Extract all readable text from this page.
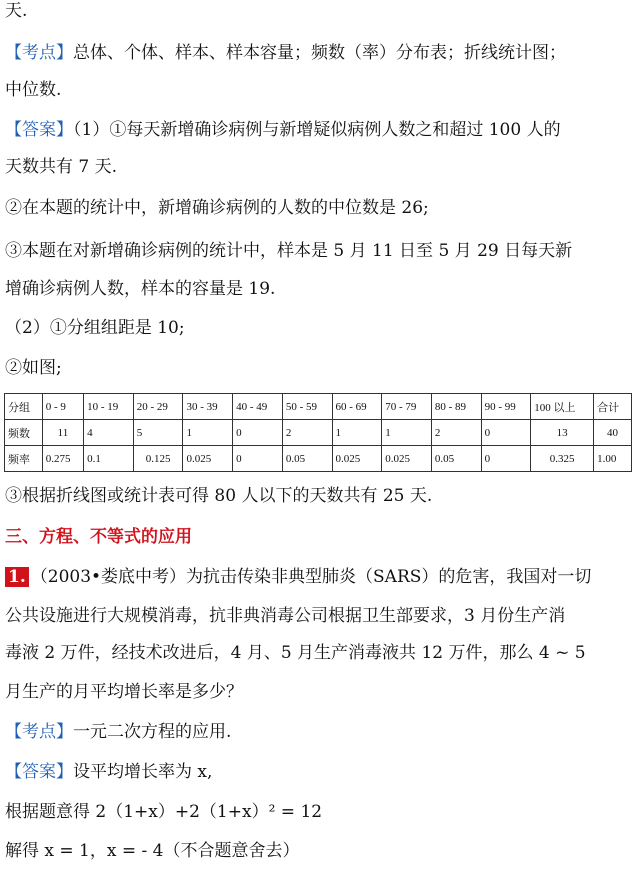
天.
【考点】总体、个体、样本、样本容量；频数（率）分布表；折线统计图；
中位数.
【答案】（1）①每天新增确诊病例与新增疑似病例人数之和超过 100 人的
天数共有 7 天.
②在本题的统计中，新增确诊病例的人数的中位数是 26;
③本题在对新增确诊病例的统计中，样本是 5 月 11 日至 5 月 29 日每天新
增确诊病例人数，样本的容量是 19.
（2）①分组组距是 10;
②如图;
分组	0 - 9	10 - 19	20 - 29	30 - 39	40 - 49	50 - 59	60 - 69	70 - 79	80 - 89	90 - 99	100 以上	合计
频数	11	4	5	1	0	2	1	1	2	0	13	40
频率	0.275	0.1	0.125	0.025	0	0.05	0.025	0.025	0.05	0	0.325	1.00
③根据折线图或统计表可得 80 人以下的天数共有 25 天.
三、方程、不等式的应用
1. （2003•娄底中考）为抗击传染非典型肺炎（SARS）的危害，我国对一切
公共设施进行大规模消毒，抗非典消毒公司根据卫生部要求，3 月份生产消
毒液 2 万件，经技术改进后，4 月、5 月生产消毒液共 12 万件，那么 4 ~ 5
月生产的月平均增长率是多少？
【考点】一元二次方程的应用.
【答案】设平均增长率为 x,
根据题意得 2（1+x）+2（1+x）² = 12
解得 x = 1，x = - 4（不合题意舍去）
